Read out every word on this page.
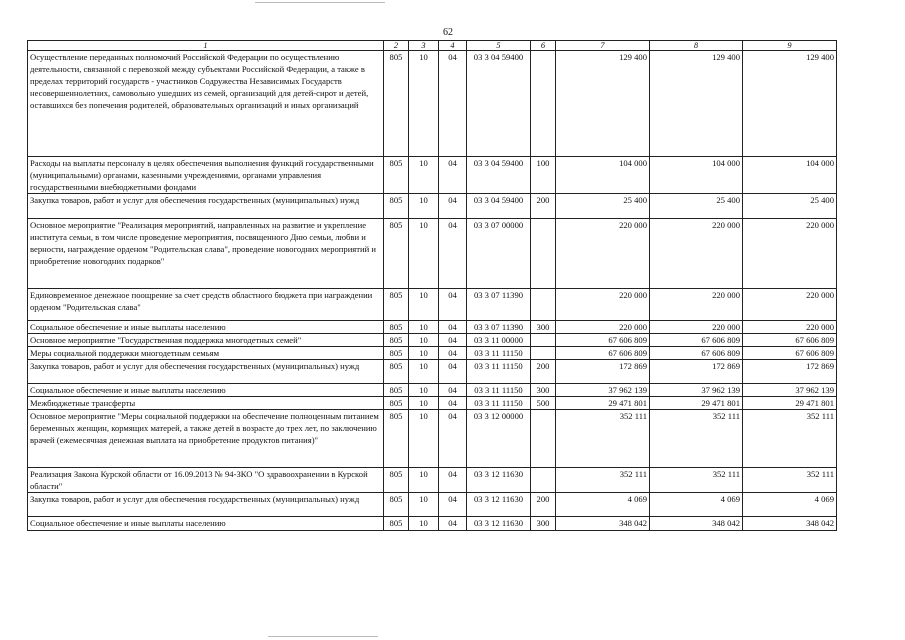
62
1	2	3	4	5	6	7	8	9
Осуществление переданных полномочий Российской Федерации по осуществлению деятельности, связанной с перевозкой между субъектами Российской Федерации, а также в пределах территорий государств - участников Содружества Независимых Государств несовершеннолетних, самовольно ушедших из семей, организаций для детей-сирот и детей, оставшихся без попечения родителей, образовательных организаций и иных организаций	805	10	04	03 3 04 59400		129 400	129 400	129 400
Расходы на выплаты персоналу в целях обеспечения выполнения функций государственными (муниципальными) органами, казенными учреждениями, органами управления государственными внебюджетными фондами	805	10	04	03 3 04 59400	100	104 000	104 000	104 000
Закупка товаров, работ и услуг для обеспечения государственных (муниципальных) нужд	805	10	04	03 3 04 59400	200	25 400	25 400	25 400
Основное мероприятие "Реализация мероприятий, направленных на развитие и укрепление института семьи, в том числе проведение мероприятия, посвященного Дню семьи, любви и верности, награждение орденом "Родительская слава", проведение новогодних мероприятий и приобретение новогодних подарков"	805	10	04	03 3 07 00000		220 000	220 000	220 000
Единовременное денежное поощрение за счет средств областного бюджета при награждении орденом "Родительская слава"	805	10	04	03 3 07 11390		220 000	220 000	220 000
Социальное обеспечение и иные выплаты населению	805	10	04	03 3 07 11390	300	220 000	220 000	220 000
Основное мероприятие "Государственная поддержка многодетных семей"	805	10	04	03 3 11 00000		67 606 809	67 606 809	67 606 809
Меры социальной поддержки многодетным семьям	805	10	04	03 3 11 11150		67 606 809	67 606 809	67 606 809
Закупка товаров, работ и услуг для обеспечения государственных (муниципальных) нужд	805	10	04	03 3 11 11150	200	172 869	172 869	172 869
Социальное обеспечение и иные выплаты населению	805	10	04	03 3 11 11150	300	37 962 139	37 962 139	37 962 139
Межбюджетные трансферты	805	10	04	03 3 11 11150	500	29 471 801	29 471 801	29 471 801
Основное мероприятие "Меры социальной поддержки на обеспечение полноценным питанием беременных женщин, кормящих матерей, а также детей в возрасте до трех лет, по заключению врачей (ежемесячная денежная выплата на приобретение продуктов питания)"	805	10	04	03 3 12 00000		352 111	352 111	352 111
Реализация Закона Курской области от 16.09.2013 № 94-ЗКО "О здравоохранении в Курской области"	805	10	04	03 3 12 11630		352 111	352 111	352 111
Закупка товаров, работ и услуг для обеспечения государственных (муниципальных) нужд	805	10	04	03 3 12 11630	200	4 069	4 069	4 069
Социальное обеспечение и иные выплаты населению	805	10	04	03 3 12 11630	300	348 042	348 042	348 042
